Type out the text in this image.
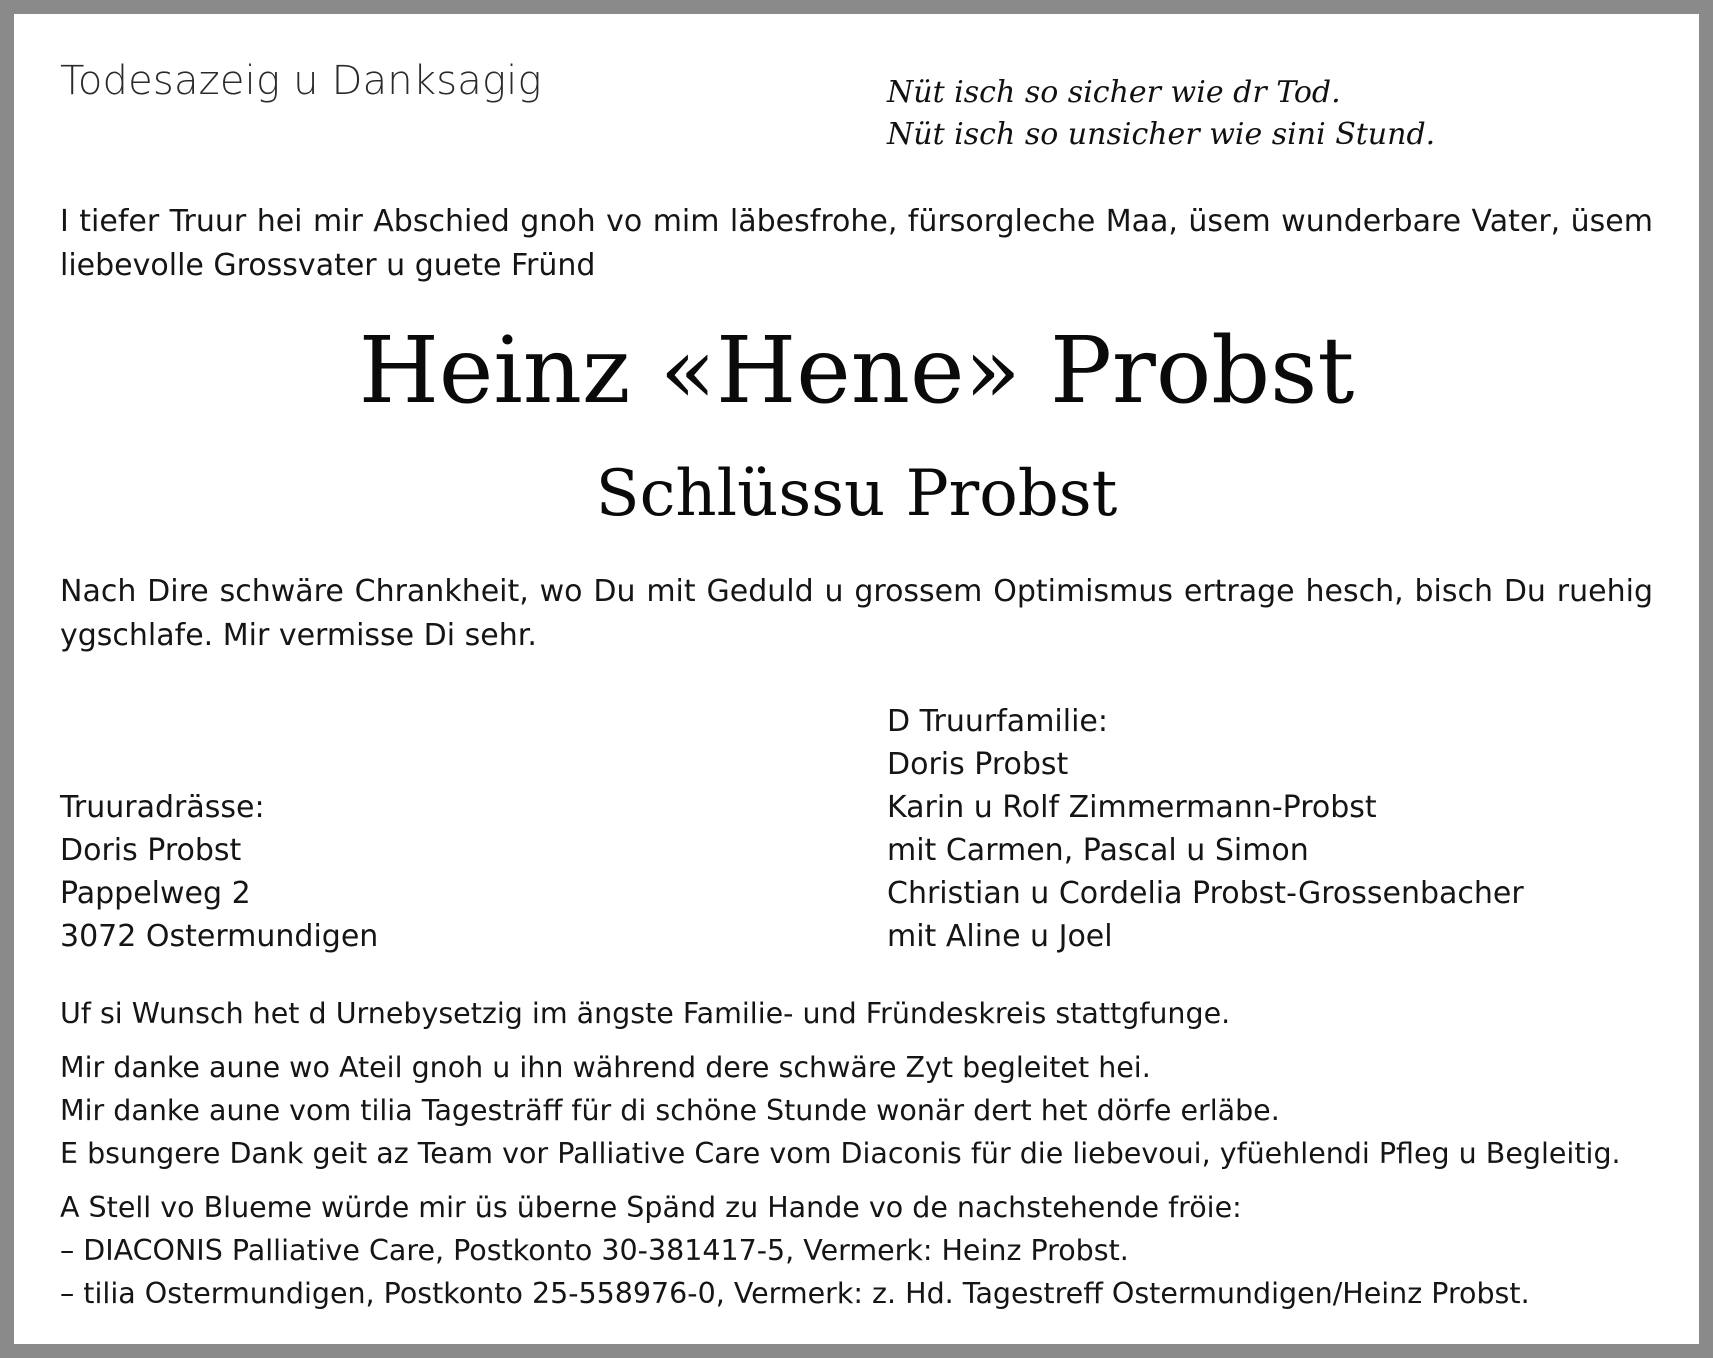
Todesazeig u Danksagig	Nüt isch so sicher wie dr Tod.
Nüt isch so unsicher wie sini Stund.
I tiefer Truur hei mir Abschied gnoh vo mim läbesfrohe, fürsorgleche Maa, üsem wunderbare Vater, üsem liebevolle Grossvater u guete Fründ
Heinz «Hene» Probst
Schlüssu Probst
Nach Dire schwäre Chrankheit, wo Du mit Geduld u grossem Optimismus ertrage hesch, bisch Du ruehig ygschlafe. Mir vermisse Di sehr.
D Truurfamilie:
Doris Probst
Karin u Rolf Zimmermann-Probst
mit Carmen, Pascal u Simon
Christian u Cordelia Probst-Grossenbacher
mit Aline u Joel
Truuradrässe:
Doris Probst
Pappelweg 2
3072 Ostermundigen
Uf si Wunsch het d Urnebysetzig im ängste Familie- und Fründeskreis stattgfunge.
Mir danke aune wo Ateil gnoh u ihn während dere schwäre Zyt begleitet hei.
Mir danke aune vom tilia Tagesträff für di schöne Stunde wonär dert het dörfe erläbe.
E bsungere Dank geit az Team vor Palliative Care vom Diaconis für die liebevoui, yfüehlendi Pfleg u Begleitig.
A Stell vo Blueme würde mir üs überne Spänd zu Hande vo de nachstehende fröie:
– DIACONIS Palliative Care, Postkonto 30-381417-5, Vermerk: Heinz Probst.
– tilia Ostermundigen, Postkonto 25-558976-0, Vermerk: z. Hd. Tagestreff Ostermundigen/Heinz Probst.
